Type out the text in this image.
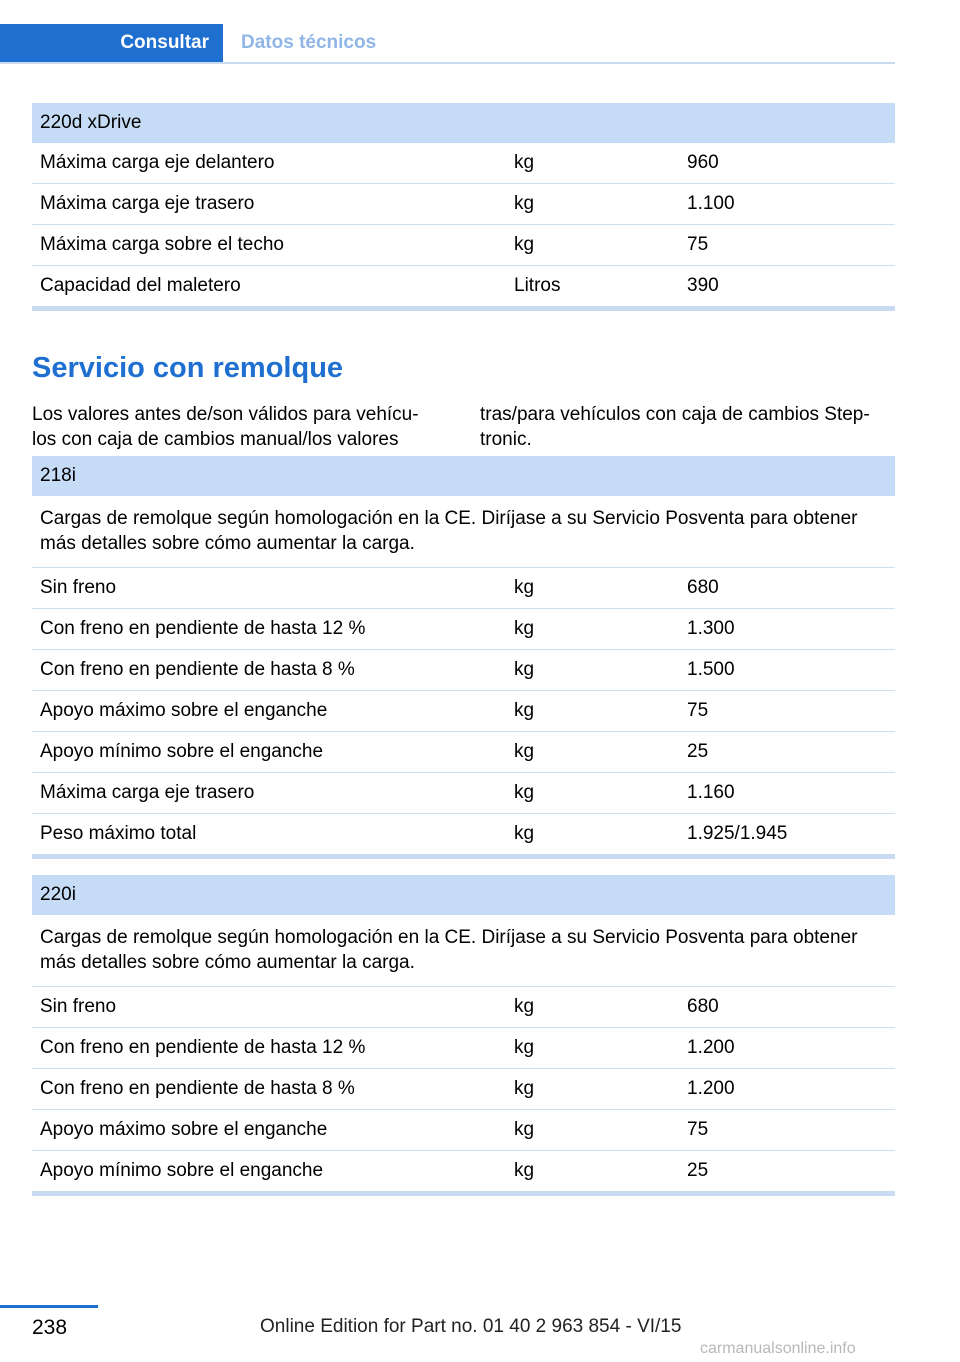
Consultar	Datos técnicos
220d xDrive
Máxima carga eje delantero	kg	960
Máxima carga eje trasero	kg	1.100
Máxima carga sobre el techo	kg	75
Capacidad del maletero	Litros	390
Servicio con remolque
Los valores antes de/son válidos para vehícu-los con caja de cambios manual/los valores
tras/para vehículos con caja de cambios Step-tronic.
218i
Cargas de remolque según homologación en la CE. Diríjase a su Servicio Posventa para obtener más detalles sobre cómo aumentar la carga.
Sin freno	kg	680
Con freno en pendiente de hasta 12 %	kg	1.300
Con freno en pendiente de hasta 8 %	kg	1.500
Apoyo máximo sobre el enganche	kg	75
Apoyo mínimo sobre el enganche	kg	25
Máxima carga eje trasero	kg	1.160
Peso máximo total	kg	1.925/1.945
220i
Cargas de remolque según homologación en la CE. Diríjase a su Servicio Posventa para obtener más detalles sobre cómo aumentar la carga.
Sin freno	kg	680
Con freno en pendiente de hasta 12 %	kg	1.200
Con freno en pendiente de hasta 8 %	kg	1.200
Apoyo máximo sobre el enganche	kg	75
Apoyo mínimo sobre el enganche	kg	25
238	Online Edition for Part no. 01 40 2 963 854 - VI/15
carmanualsonline.info
